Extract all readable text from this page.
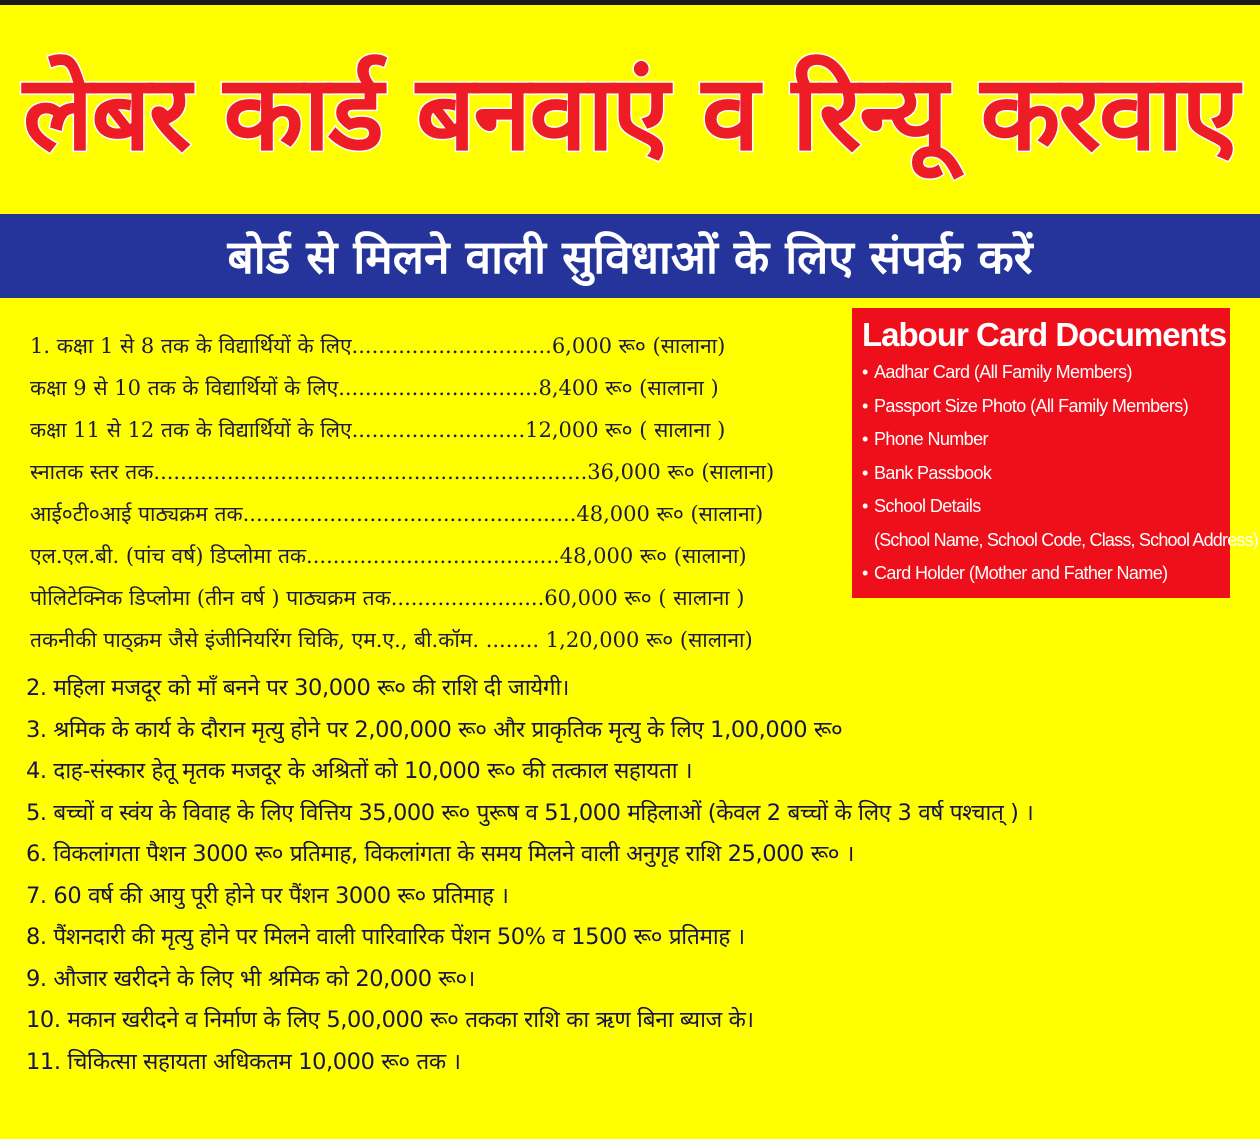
लेबर कार्ड बनवाएं व रिन्यू करवाए
बोर्ड से मिलने वाली सुविधाओं के लिए संपर्क करें
1. कक्षा 1 से 8 तक के विद्यार्थियों के लिए..............................6,000 रू० (सालाना)
कक्षा 9 से 10 तक के विद्यार्थियों के लिए..............................8,400 रू० (सालाना )
कक्षा 11 से 12 तक के विद्यार्थियों के लिए..........................12,000 रू० ( सालाना )
स्नातक स्तर तक.................................................................36,000 रू० (सालाना)
आई०टी०आई पाठ्यक्रम तक..................................................48,000 रू० (सालाना)
एल.एल.बी. (पांच वर्ष) डिप्लोमा तक......................................48,000 रू० (सालाना)
पोलिटेक्निक डिप्लोमा (तीन वर्ष ) पाठ्यक्रम तक.......................60,000 रू० ( सालाना )
तकनीकी पाठ्क्रम जैसे इंजीनियरिंग चिकि, एम.ए., बी.कॉम. ........ 1,20,000 रू० (सालाना)
Labour Card Documents
• Aadhar Card (All Family Members)
• Passport Size Photo (All Family Members)
• Phone Number
• Bank Passbook
• School Details
(School Name, School Code, Class, School Address)
• Card Holder (Mother and Father Name)
2. महिला मजदूर को माँ बनने पर 30,000 रू० की राशि दी जायेगी।
3. श्रमिक के कार्य के दौरान मृत्यु होने पर 2,00,000 रू० और प्राकृतिक मृत्यु के लिए 1,00,000 रू०
4. दाह-संस्कार हेतू मृतक मजदूर के अश्रितों को 10,000 रू० की तत्काल सहायता ।
5. बच्चों व स्वंय के विवाह के लिए वित्तिय 35,000 रू० पुरूष व 51,000 महिलाओं (केवल 2 बच्चों के लिए 3 वर्ष पश्चात् ) ।
6. विकलांगता पैशन 3000 रू० प्रतिमाह, विकलांगता के समय मिलने वाली अनुगृह राशि 25,000 रू० ।
7. 60 वर्ष की आयु पूरी होने पर पैंशन 3000 रू० प्रतिमाह ।
8. पैंशनदारी की मृत्यु होने पर मिलने वाली पारिवारिक पेंशन 50% व 1500 रू० प्रतिमाह ।
9. औजार खरीदने के लिए भी श्रमिक को 20,000 रू०।
10. मकान खरीदने व निर्माण के लिए 5,00,000 रू० तकका राशि का ऋण बिना ब्याज के।
11. चिकित्सा सहायता अधिकतम 10,000 रू० तक ।
